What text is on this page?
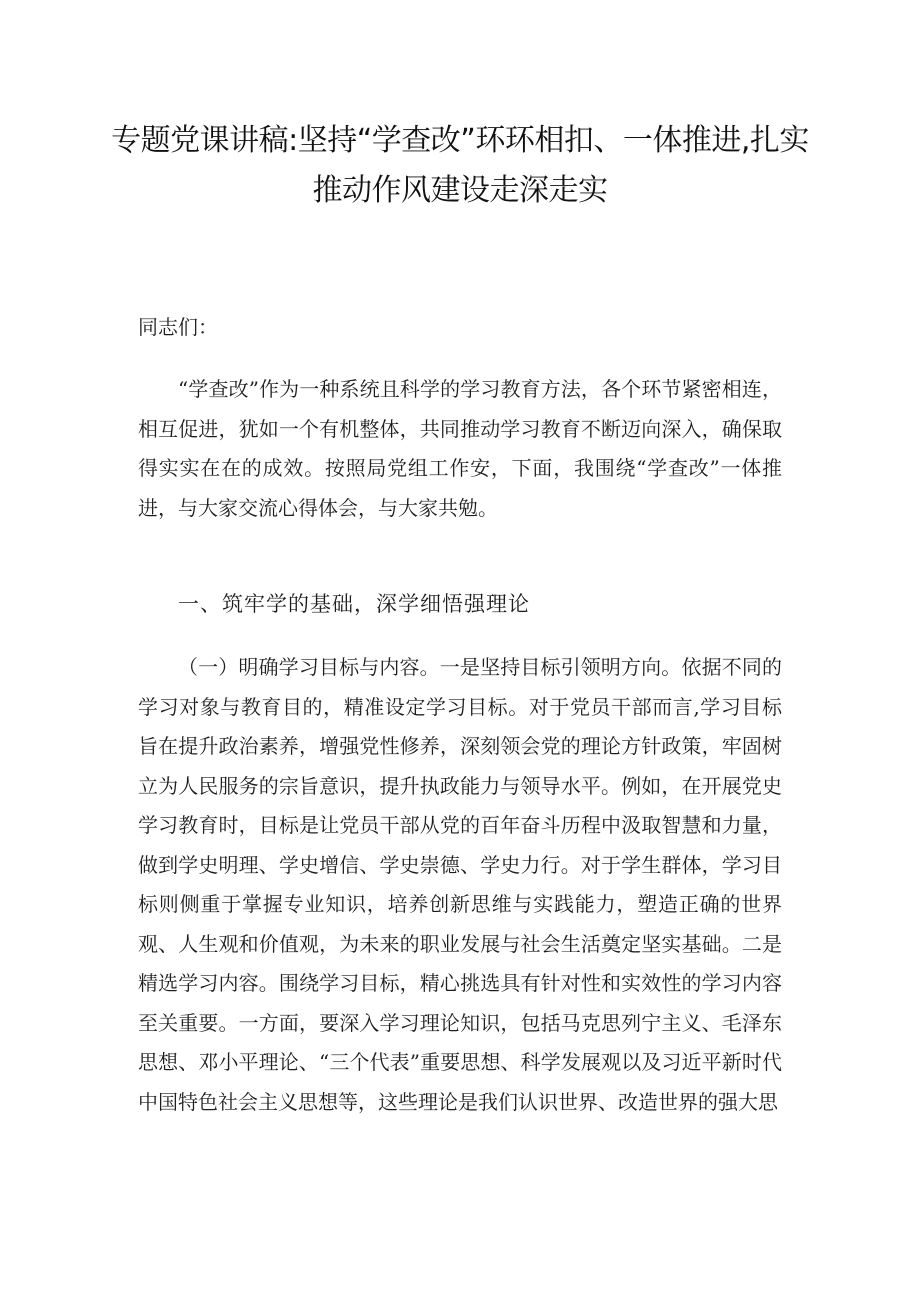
专题党课讲稿:坚持“学查改”环环相扣、一体推进,扎实
推动作风建设走深走实
同志们：

“学查改”作为一种系统且科学的学习教育方法，各个环节紧密相连，相互促进，犹如一个有机整体，共同推动学习教育不断迈向深入，确保取得实实在在的成效。按照局党组工作安，下面，我围绕“学查改”一体推进，与大家交流心得体会，与大家共勉。

一、筑牢学的基础，深学细悟强理论

（一）明确学习目标与内容。一是坚持目标引领明方向。依据不同的学习对象与教育目的，精准设定学习目标。对于党员干部而言,学习目标旨在提升政治素养，增强党性修养，深刻领会党的理论方针政策，牢固树立为人民服务的宗旨意识，提升执政能力与领导水平。例如，在开展党史学习教育时，目标是让党员干部从党的百年奋斗历程中汲取智慧和力量，做到学史明理、学史增信、学史崇德、学史力行。对于学生群体，学习目标则侧重于掌握专业知识，培养创新思维与实践能力，塑造正确的世界观、人生观和价值观，为未来的职业发展与社会生活奠定坚实基础。二是精选学习内容。围绕学习目标，精心挑选具有针对性和实效性的学习内容至关重要。一方面，要深入学习理论知识，包括马克思列宁主义、毛泽东思想、邓小平理论、“三个代表”重要思想、科学发展观以及习近平新时代中国特色社会主义思想等，这些理论是我们认识世界、改造世界的强大思
